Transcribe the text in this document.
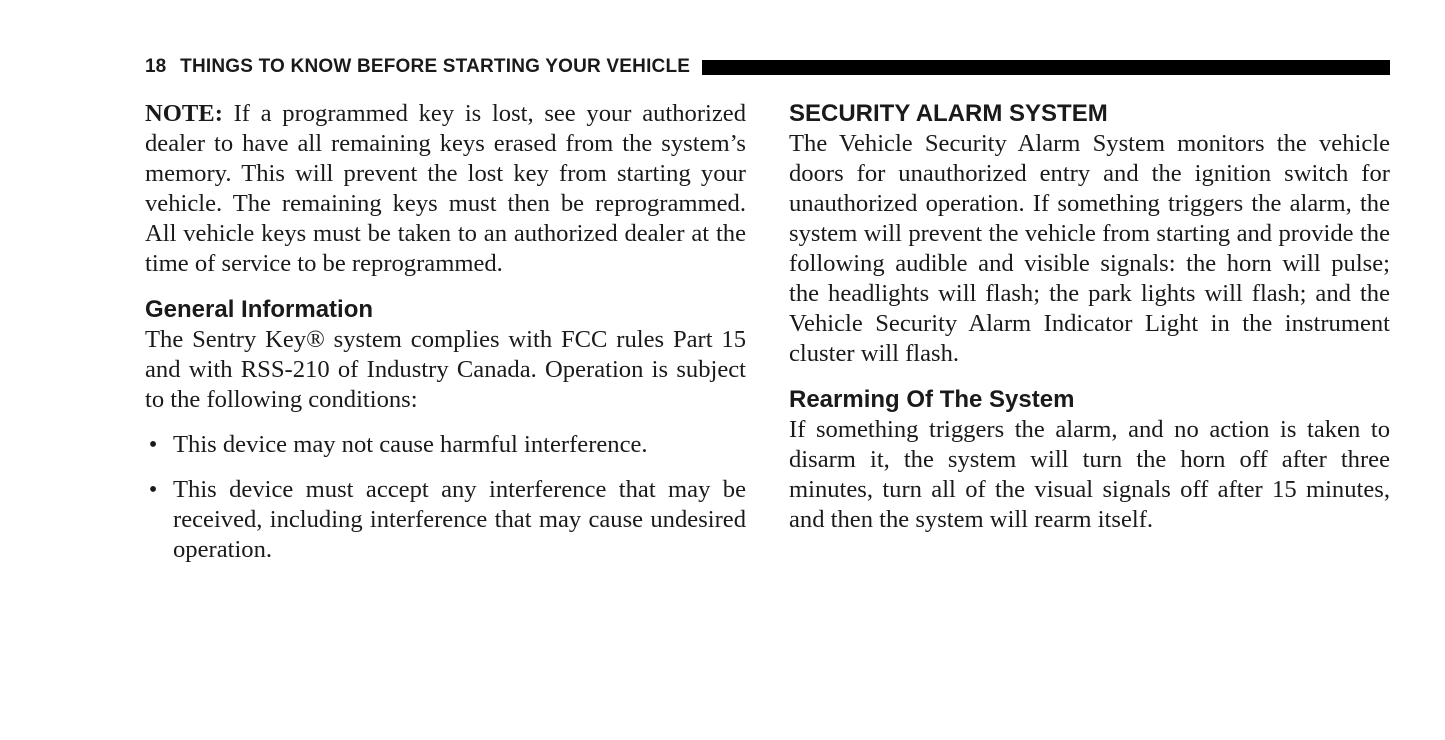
18 THINGS TO KNOW BEFORE STARTING YOUR VEHICLE

NOTE: If a programmed key is lost, see your authorized dealer to have all remaining keys erased from the system’s memory. This will prevent the lost key from starting your vehicle. The remaining keys must then be reprogrammed. All vehicle keys must be taken to an authorized dealer at the time of service to be reprogrammed.

General Information

The Sentry Key® system complies with FCC rules Part 15 and with RSS-210 of Industry Canada. Operation is subject to the following conditions:

• This device may not cause harmful interference.
• This device must accept any interference that may be received, including interference that may cause undesired operation.
SECURITY ALARM SYSTEM

The Vehicle Security Alarm System monitors the vehicle doors for unauthorized entry and the ignition switch for unauthorized operation. If something triggers the alarm, the system will prevent the vehicle from starting and provide the following audible and visible signals: the horn will pulse; the headlights will flash; the park lights will flash; and the Vehicle Security Alarm Indicator Light in the instrument cluster will flash.

Rearming Of The System

If something triggers the alarm, and no action is taken to disarm it, the system will turn the horn off after three minutes, turn all of the visual signals off after 15 minutes, and then the system will rearm itself.
